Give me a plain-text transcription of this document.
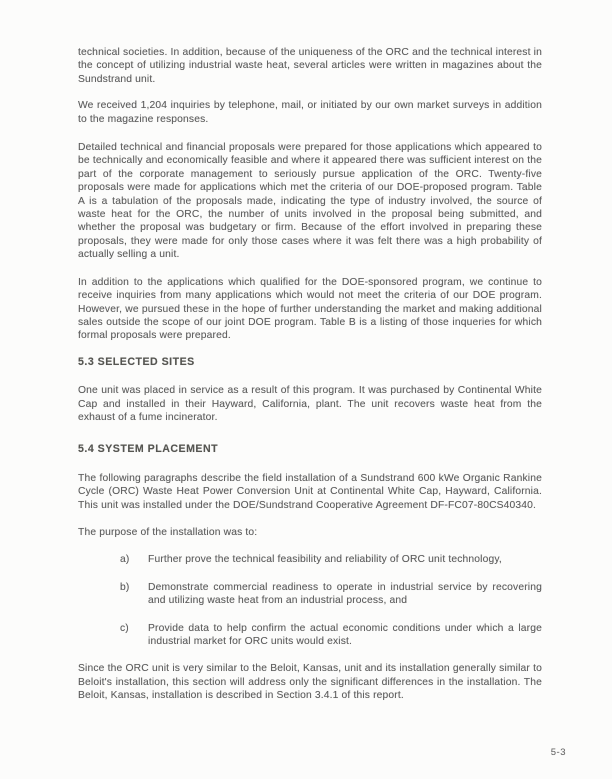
technical societies. In addition, because of the uniqueness of the ORC and the technical interest in the concept of utilizing industrial waste heat, several articles were written in magazines about the Sundstrand unit.

We received 1,204 inquiries by telephone, mail, or initiated by our own market surveys in addition to the magazine responses.

Detailed technical and financial proposals were prepared for those applications which appeared to be technically and economically feasible and where it appeared there was sufficient interest on the part of the corporate management to seriously pursue application of the ORC. Twenty-five proposals were made for applications which met the criteria of our DOE-proposed program. Table A is a tabulation of the proposals made, indicating the type of industry involved, the source of waste heat for the ORC, the number of units involved in the proposal being submitted, and whether the proposal was budgetary or firm. Because of the effort involved in preparing these proposals, they were made for only those cases where it was felt there was a high probability of actually selling a unit.

In addition to the applications which qualified for the DOE-sponsored program, we continue to receive inquiries from many applications which would not meet the criteria of our DOE program. However, we pursued these in the hope of further understanding the market and making additional sales outside the scope of our joint DOE program. Table B is a listing of those inqueries for which formal proposals were prepared.

5.3 SELECTED SITES

One unit was placed in service as a result of this program. It was purchased by Continental White Cap and installed in their Hayward, California, plant. The unit recovers waste heat from the exhaust of a fume incinerator.

5.4 SYSTEM PLACEMENT

The following paragraphs describe the field installation of a Sundstrand 600 kWe Organic Rankine Cycle (ORC) Waste Heat Power Conversion Unit at Continental White Cap, Hayward, California. This unit was installed under the DOE/Sundstrand Cooperative Agreement DF-FC07-80CS40340.

The purpose of the installation was to:

a)	Further prove the technical feasibility and reliability of ORC unit technology,
b)	Demonstrate commercial readiness to operate in industrial service by recovering and utilizing waste heat from an industrial process, and
c)	Provide data to help confirm the actual economic conditions under which a large industrial market for ORC units would exist.

Since the ORC unit is very similar to the Beloit, Kansas, unit and its installation generally similar to Beloit's installation, this section will address only the significant differences in the installation. The Beloit, Kansas, installation is described in Section 3.4.1 of this report.

5-3
